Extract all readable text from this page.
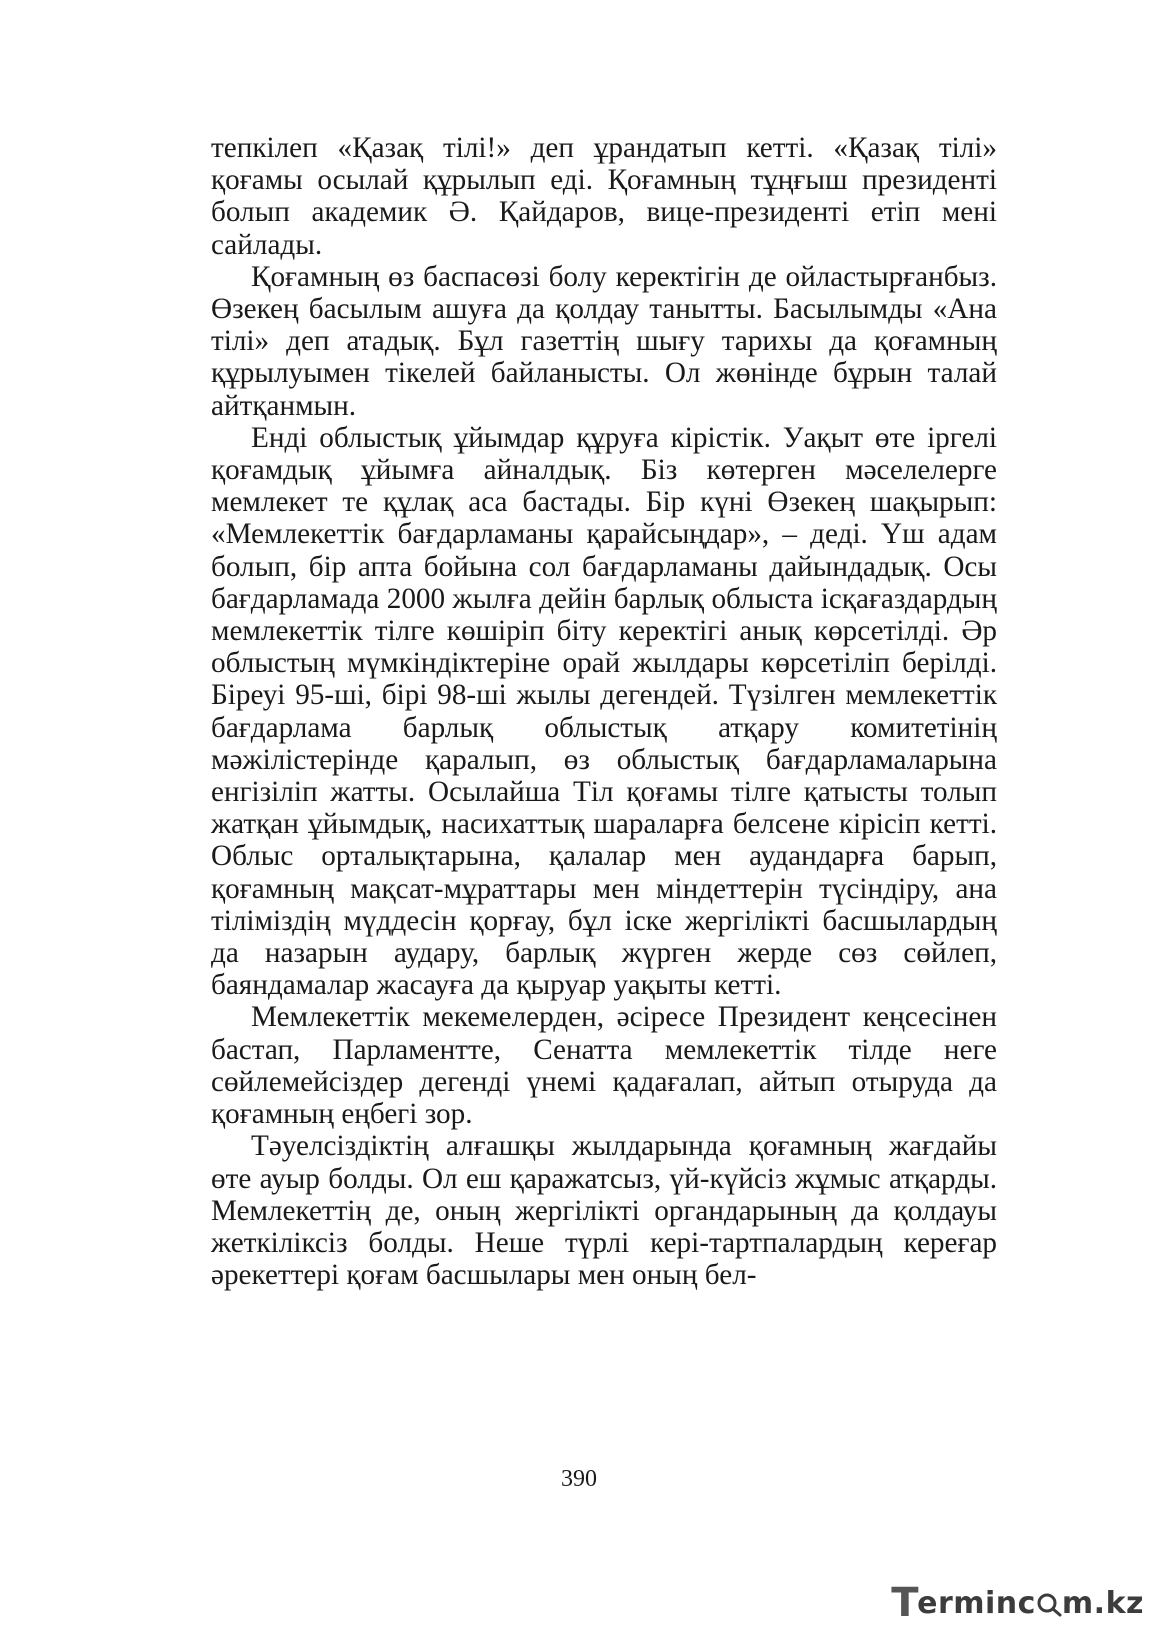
тепкілеп «Қазақ тілі!» деп ұрандатып кетті. «Қазақ тілі» қоғамы осылай құрылып еді. Қоғамның тұңғыш президенті болып академик Ә. Қайдаров, вице-президенті етіп мені сайлады.

Қоғамның өз баспасөзі болу керектігін де ойластырғанбыз. Өзекең басылым ашуға да қолдау танытты. Басылымды «Ана тілі» деп атадық. Бұл газеттің шығу тарихы да қоғамның құрылуымен тікелей байланысты. Ол жөнінде бұрын талай айтқанмын.

Енді облыстық ұйымдар құруға кірістік. Уақыт өте іргелі қоғамдық ұйымға айналдық. Біз көтерген мәселелерге мемлекет те құлақ аса бастады. Бір күні Өзекең шақырып: «Мемлекеттік бағдарламаны қарайсыңдар», – деді. Үш адам болып, бір апта бойына сол бағдарламаны дайындадық. Осы бағдарламада 2000 жылға дейін барлық облыста ісқағаздардың мемлекеттік тілге көшіріп біту керектігі анық көрсетілді. Әр облыстың мүмкіндіктеріне орай жылдары көрсетіліп берілді. Біреуі 95-ші, бірі 98-ші жылы дегендей. Түзілген мемлекеттік бағдарлама барлық облыстық атқару комитетінің мәжілістерінде қаралып, өз облыстық бағдарламаларына енгізіліп жатты. Осылайша Тіл қоғамы тілге қатысты толып жатқан ұйымдық, насихаттық шараларға белсене кірісіп кетті. Облыс орталықтарына, қалалар мен аудандарға барып, қоғамның мақсат-мұраттары мен міндеттерін түсіндіру, ана тіліміздің мүддесін қорғау, бұл іске жергілікті басшылардың да назарын аудару, барлық жүрген жерде сөз сөйлеп, баяндамалар жасауға да қыруар уақыты кетті.

Мемлекеттік мекемелерден, әсіресе Президент кеңсесінен бастап, Парламентте, Сенатта мемлекеттік тілде неге сөйлемейсіздер дегенді үнемі қадағалап, айтып отыруда да қоғамның еңбегі зор.

Тәуелсіздіктің алғашқы жылдарында қоғамның жағдайы өте ауыр болды. Ол еш қаражатсыз, үй-күйсіз жұмыс атқарды. Мемлекеттің де, оның жергілікті органдарының да қолдауы жеткіліксіз болды. Неше түрлі кері-тартпалардың кереғар әрекеттері қоғам басшылары мен оның бел-

390
T
erminc m.kz
